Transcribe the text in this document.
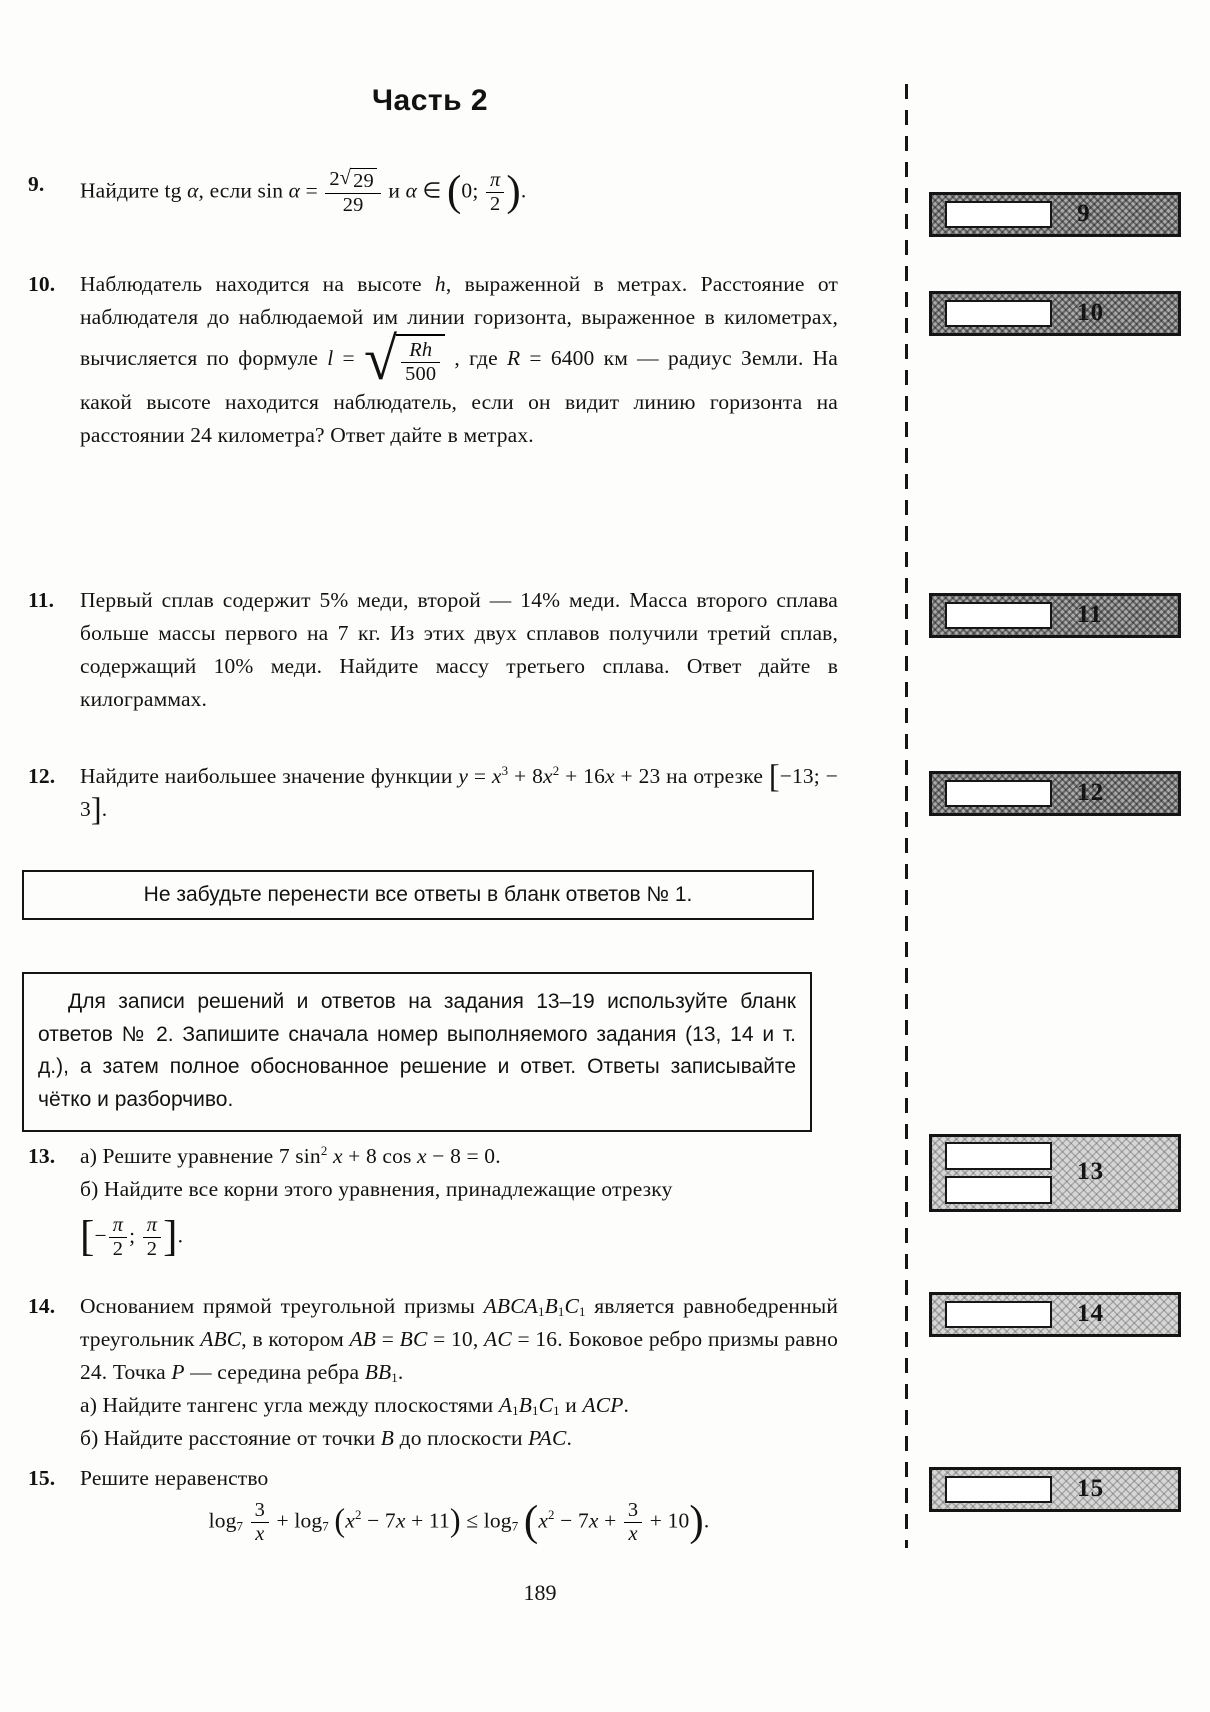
Часть 2
9.	Найдите tg α, если $\sin \alpha = \frac{2 √ 29}{29}$ и α ∈ (0; $\frac{\pi}{2}$ ).
10.	Наблюдатель находится на высоте h, выраженной в метрах. Расстояние от наблюдателя до наблюдаемой им линии горизонта, выраженное в километрах, вычисляется по формуле l = √ $\frac{Rh}{500}$ , где R = 6400 км — радиус Земли. На какой высоте находится наблюдатель, если он видит линию горизонта на расстоянии 24 километра? Ответ дайте в метрах.
11.	Первый сплав содержит 5% меди, второй — 14% меди. Масса второго сплава больше массы первого на 7 кг. Из этих двух сплавов получили третий сплав, содержащий 10% меди. Найдите массу третьего сплава. Ответ дайте в килограммах.
12.	Найдите наибольшее значение функции $y = x^3 + 8x^2 + 16x + 23$ на отрезке [−13; − 3].
Не забудьте перенести все ответы в бланк ответов № 1.

Для записи решений и ответов на задания 13–19 используйте бланк ответов № 2. Запишите сначала номер выполняемого задания (13, 14 и т. д.), а затем полное обоснованное решение и ответ. Ответы записывайте чётко и разборчиво.

13.	а) Решите уравнение 7 $\sin^2 x + 8$ cos x − 8 = 0.
б) Найдите все корни этого уравнения, принадлежащие отрезку
[− $\frac{\pi}{2}$ ; $\frac{\pi}{2}$ ].
14.	Основанием прямой треугольной призмы $ABCA_1B_1C_1$ является равнобедренный треугольник ABC, в котором AB = BC = 10, AC = 16. Боковое ребро призмы равно 24. Точка P — середина ребра $BB_1$.
а) Найдите тангенс угла между плоскостями $A_1B_1C_1$ и ACP.
б) Найдите расстояние от точки B до плоскости PAC.
15.	Решите неравенство
$\log_7 \frac{3}{x} + \log_7 (x^2 - 7x + 11) \le \log_7 (x^2 - 7x + \frac{3}{x} + 10)$.
9
10
11
12
13
14
15
189
